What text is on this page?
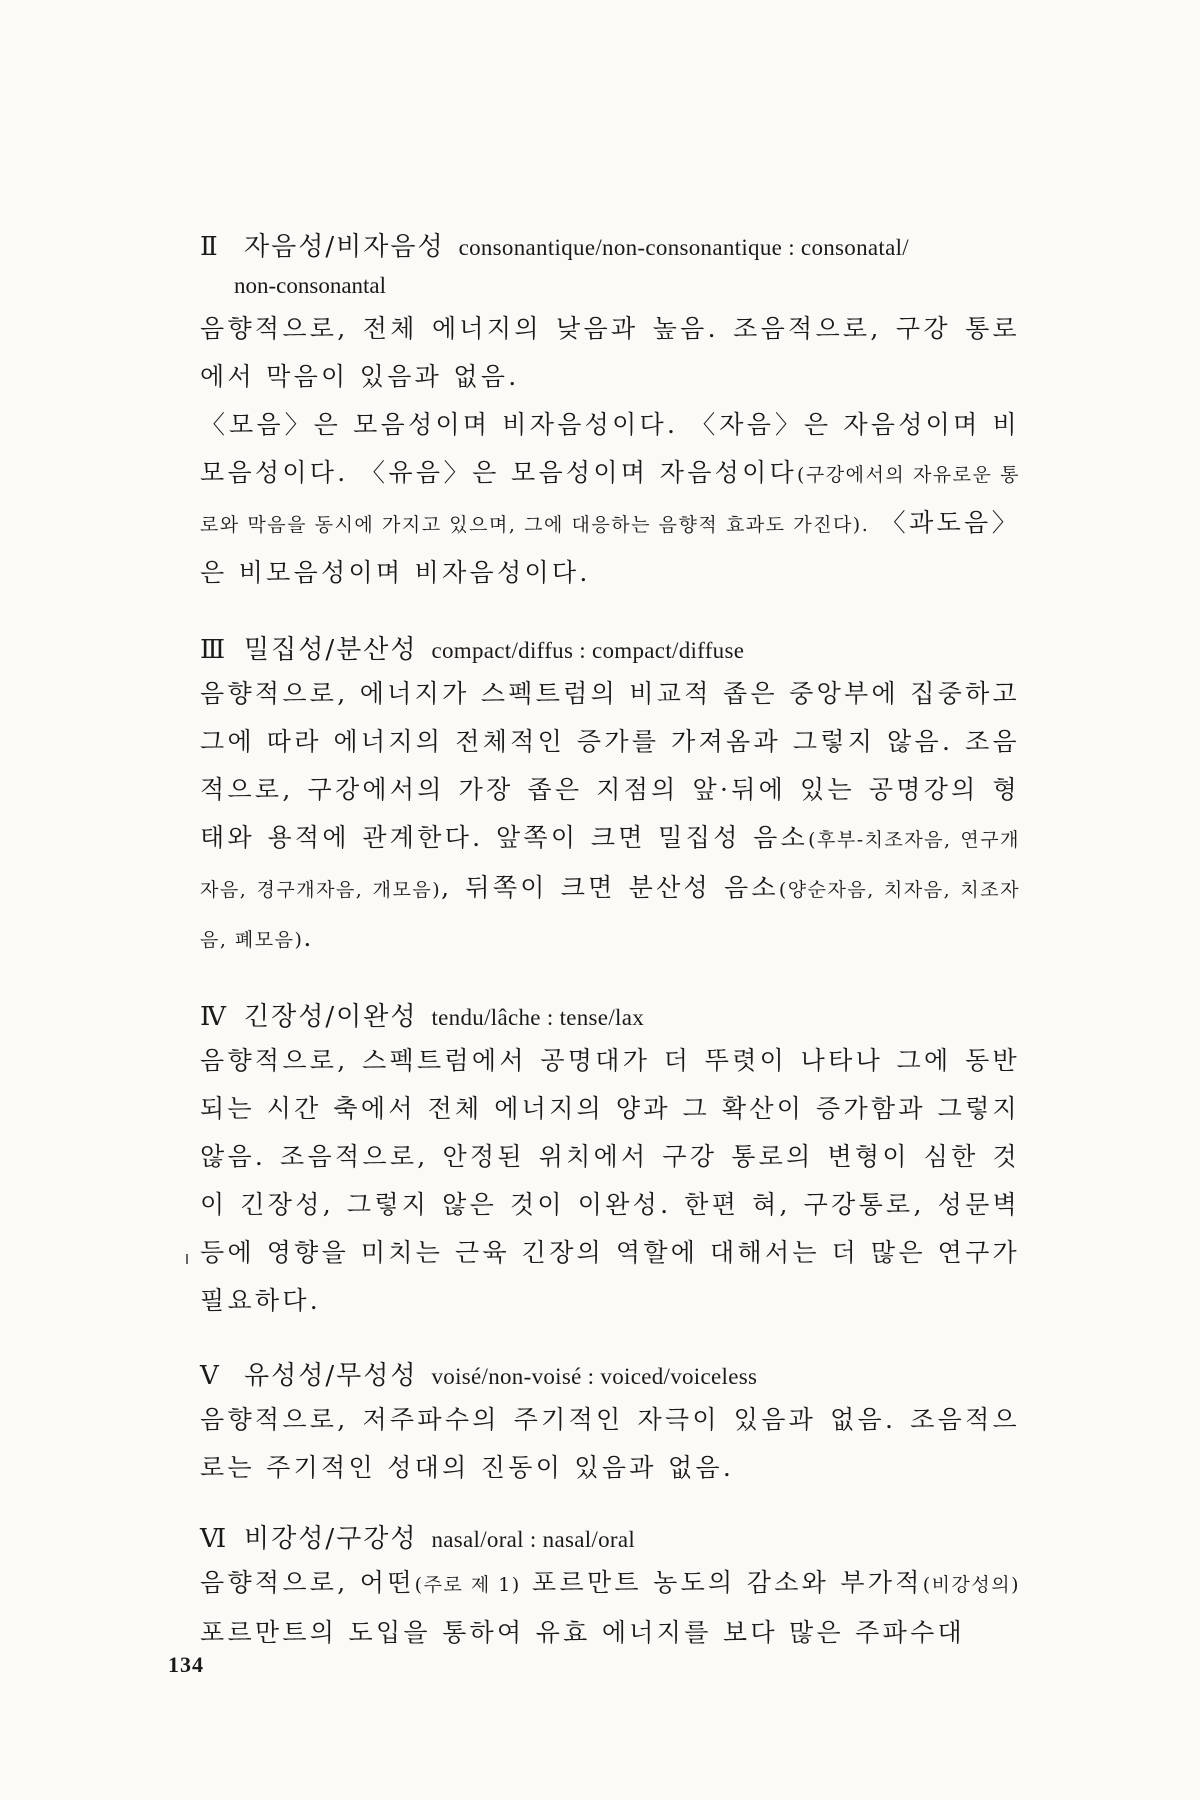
Ⅱ 자음성/비자음성 consonantique/non-consonantique : consonatal/
non-consonantal

음향적으로, 전체 에너지의 낮음과 높음. 조음적으로, 구강 통로에서 막음이 있음과 없음.

〈모음〉은 모음성이며 비자음성이다. 〈자음〉은 자음성이며 비모음성이다. 〈유음〉은 모음성이며 자음성이다(구강에서의 자유로운 통로와 막음을 동시에 가지고 있으며, 그에 대응하는 음향적 효과도 가진다). 〈과도음〉은 비모음성이며 비자음성이다.

Ⅲ 밀집성/분산성 compact/diffus : compact/diffuse

음향적으로, 에너지가 스펙트럼의 비교적 좁은 중앙부에 집중하고 그에 따라 에너지의 전체적인 증가를 가져옴과 그렇지 않음. 조음적으로, 구강에서의 가장 좁은 지점의 앞·뒤에 있는 공명강의 형태와 용적에 관계한다. 앞쪽이 크면 밀집성 음소(후부-치조자음, 연구개자음, 경구개자음, 개모음), 뒤쪽이 크면 분산성 음소(양순자음, 치자음, 치조자음, 폐모음).

Ⅳ 긴장성/이완성 tendu/lâche : tense/lax

음향적으로, 스펙트럼에서 공명대가 더 뚜렷이 나타나 그에 동반되는 시간 축에서 전체 에너지의 양과 그 확산이 증가함과 그렇지 않음. 조음적으로, 안정된 위치에서 구강 통로의 변형이 심한 것이 긴장성, 그렇지 않은 것이 이완성. 한편 혀, 구강통로, 성문벽 등에 영향을 미치는 근육 긴장의 역할에 대해서는 더 많은 연구가 필요하다.

Ⅴ 유성성/무성성 voisé/non-voisé : voiced/voiceless

음향적으로, 저주파수의 주기적인 자극이 있음과 없음. 조음적으로는 주기적인 성대의 진동이 있음과 없음.

Ⅵ 비강성/구강성 nasal/oral : nasal/oral

음향적으로, 어떤(주로 제 1) 포르만트 농도의 감소와 부가적(비강성의) 포르만트의 도입을 통하여 유효 에너지를 보다 많은 주파수대

134
